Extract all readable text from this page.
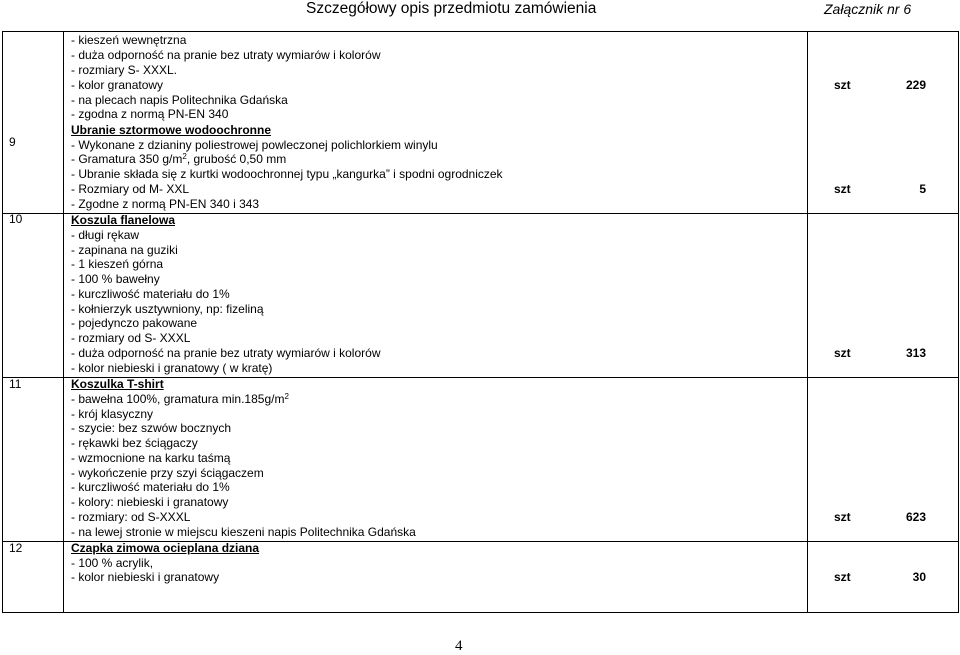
Szczegółowy opis przedmiotu zamówienia	Załącznik nr 6
9
- kieszeń wewnętrzna
- duża odporność na pranie bez utraty wymiarów i kolorów
- rozmiary S- XXXL.
- kolor granatowy
- na plecach napis Politechnika Gdańska
- zgodna z normą PN-EN 340
szt	229
Ubranie sztormowe wodoochronne
- Wykonane z dzianiny poliestrowej powleczonej polichlorkiem winylu
- Gramatura 350 $g/m^2$, grubość 0,50 mm
- Ubranie składa się z kurtki wodoochronnej typu „kangurka” i spodni ogrodniczek
- Rozmiary od M- XXL
- Zgodne z normą PN-EN 340 i 343
szt	5
10	Koszula flanelowa
- długi rękaw
- zapinana na guziki
- 1 kieszeń górna
- 100 % bawełny
- kurczliwość materiału do 1%
- kołnierzyk usztywniony, np: fizeliną
- pojedynczo pakowane
- rozmiary od S- XXXL
- duża odporność na pranie bez utraty wymiarów i kolorów
- kolor niebieski i granatowy ( w kratę)
szt	313
11	Koszulka T-shirt
- bawełna 100%, gramatura $\min.185g/m^2$
- krój klasyczny
- szycie: bez szwów bocznych
- rękawki bez ściągaczy
- wzmocnione na karku taśmą
- wykończenie przy szyi ściągaczem
- kurczliwość materiału do 1%
- kolory: niebieski i granatowy
- rozmiary: od S-XXXL
- na lewej stronie w miejscu kieszeni napis Politechnika Gdańska
szt	623
12	Czapka zimowa ocieplana dziana
- 100 % acrylik,
- kolor niebieski i granatowy	szt	30
4
